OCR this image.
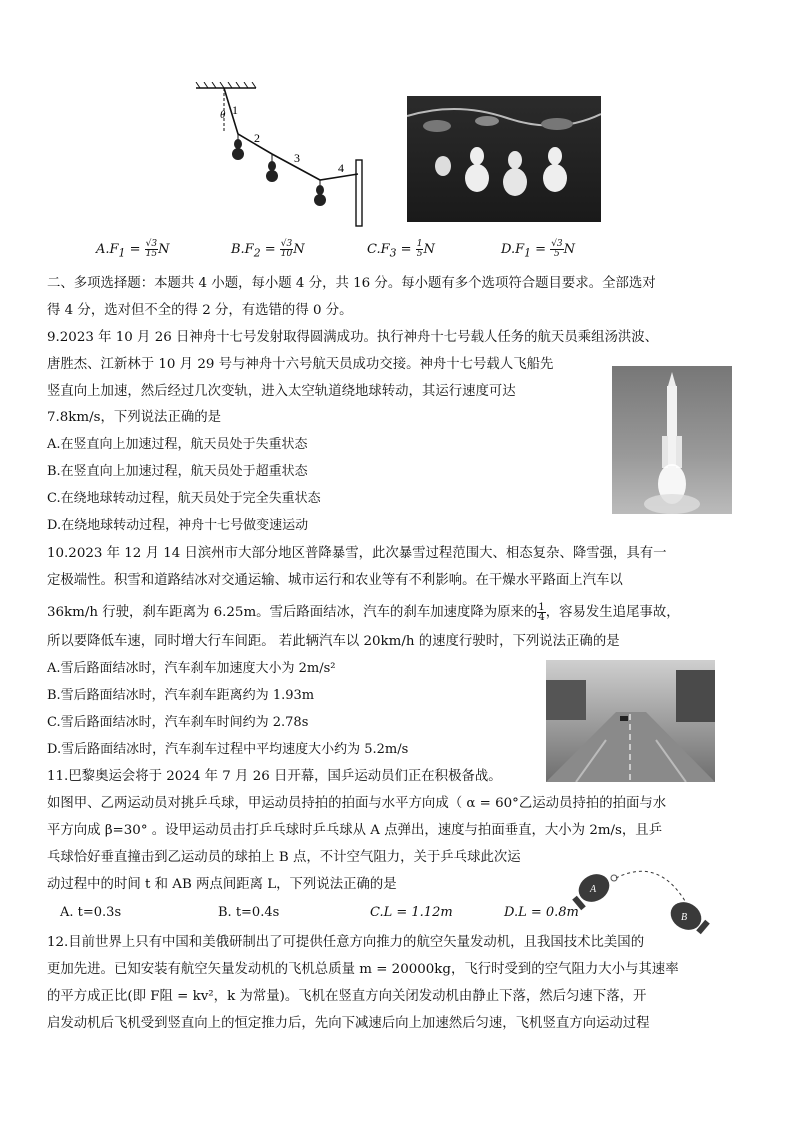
1
2
3
4
θ
$A.F_1 = \frac{√3}{15}$ N	$B.F_2 = \frac{√3}{10}$ N	$C.F_3 = \frac{1}{5}$ N	$D.F_1 = \frac{√3}{5}$ N
二、多项选择题：本题共 4 小题，每小题 4 分，共 16 分。每小题有多个选项符合题目要求。全部选对
得 4 分，选对但不全的得 2 分，有选错的得 0 分。
9.2023 年 10 月 26 日神舟十七号发射取得圆满成功。执行神舟十七号载人任务的航天员乘组汤洪波、
唐胜杰、江新林于 10 月 29 号与神舟十六号航天员成功交接。神舟十七号载人飞船先
竖直向上加速，然后经过几次变轨，进入太空轨道绕地球转动，其运行速度可达
7.8km/s，下列说法正确的是
A.在竖直向上加速过程，航天员处于失重状态
B.在竖直向上加速过程，航天员处于超重状态
C.在绕地球转动过程，航天员处于完全失重状态
D.在绕地球转动过程，神舟十七号做变速运动
10.2023 年 12 月 14 日滨州市大部分地区普降暴雪，此次暴雪过程范围大、相态复杂、降雪强，具有一
定极端性。积雪和道路结冰对交通运输、城市运行和农业等有不利影响。在干燥水平路面上汽车以
36km/h 行驶，刹车距离为 6.25m。雪后路面结冰，汽车的刹车加速度降为原来的 $\frac{1}{4}$ ，容易发生追尾事故，
所以要降低车速，同时增大行车间距。 若此辆汽车以 20km/h 的速度行驶时，下列说法正确的是
A.雪后路面结冰时，汽车刹车加速度大小为 2m/s²
B.雪后路面结冰时，汽车刹车距离约为 1.93m
C.雪后路面结冰时，汽车刹车时间约为 2.78s
D.雪后路面结冰时，汽车刹车过程中平均速度大小约为 5.2m/s
11.巴黎奥运会将于 2024 年 7 月 26 日开幕，国乒运动员们正在积极备战。
如图甲、乙两运动员对挑乒乓球，甲运动员持拍的拍面与水平方向成（ α = 60°乙运动员持拍的拍面与水
平方向成 β=30° 。设甲运动员击打乒乓球时乒乓球从 A 点弹出，速度与拍面垂直，大小为 2m/s，且乒
乓球恰好垂直撞击到乙运动员的球拍上 B 点，不计空气阻力，关于乒乓球此次运
动过程中的时间 t 和 AB 两点间距离 L，下列说法正确的是
A. t=0.3s	B. t=0.4s	C.L = 1.12m	D.L = 0.8m
A
B
12.目前世界上只有中国和美俄研制出了可提供任意方向推力的航空矢量发动机，且我国技术比美国的
更加先进。已知安装有航空矢量发动机的飞机总质量 m = 20000kg，飞行时受到的空气阻力大小与其速率
的平方成正比(即 F阻 = kv²，k 为常量)。飞机在竖直方向关闭发动机由静止下落，然后匀速下落，开
启发动机后飞机受到竖直向上的恒定推力后，先向下减速后向上加速然后匀速，飞机竖直方向运动过程
